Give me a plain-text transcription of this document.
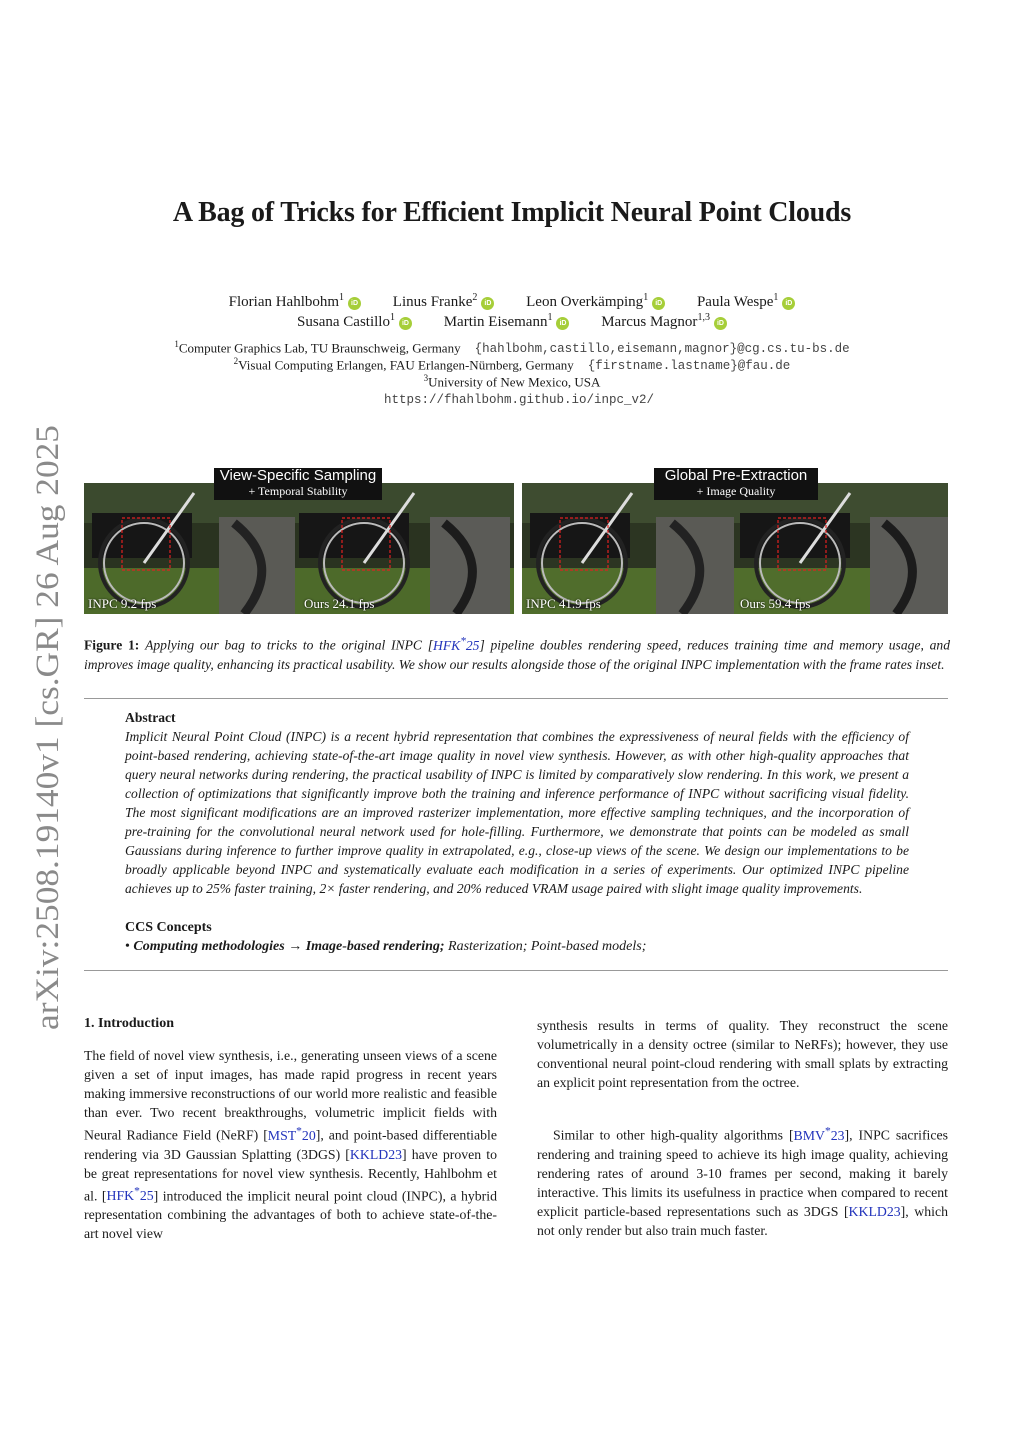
arXiv:2508.19140v1 [cs.GR] 26 Aug 2025
A Bag of Tricks for Efficient Implicit Neural Point Clouds
Florian Hahlbohm$^1$iD Linus Franke$^2$iD Leon Overkämping$^1$iD Paula Wespe$^1$iD
Susana Castillo$^1$iD Martin Eisemann$^1$iD Marcus Magnor$^{1,3}$iD
$^1$Computer Graphics Lab, TU Braunschweig, Germany {hahlbohm,castillo,eisemann,magnor}@cg.cs.tu-bs.de
$^2$Visual Computing Erlangen, FAU Erlangen-Nürnberg, Germany {firstname.lastname}@fau.de
$^3$University of New Mexico, USA
https://fhahlbohm.github.io/inpc_v2/
INPC 9.2 fps	Ours 24.1 fps
View-Specific Sampling
+ Temporal Stability
INPC 41.9 fps	Ours 59.4 fps
Global Pre-Extraction
+ Image Quality
Figure 1: Applying our bag to tricks to the original INPC [HFK*25] pipeline doubles rendering speed, reduces training time and memory usage, and improves image quality, enhancing its practical usability. We show our results alongside those of the original INPC implementation with the frame rates inset.
Abstract
Implicit Neural Point Cloud (INPC) is a recent hybrid representation that combines the expressiveness of neural fields with the efficiency of point-based rendering, achieving state-of-the-art image quality in novel view synthesis. However, as with other high-quality approaches that query neural networks during rendering, the practical usability of INPC is limited by comparatively slow rendering. In this work, we present a collection of optimizations that significantly improve both the training and inference performance of INPC without sacrificing visual fidelity. The most significant modifications are an improved rasterizer implementation, more effective sampling techniques, and the incorporation of pre-training for the convolutional neural network used for hole-filling. Furthermore, we demonstrate that points can be modeled as small Gaussians during inference to further improve quality in extrapolated, e.g., close-up views of the scene. We design our implementations to be broadly applicable beyond INPC and systematically evaluate each modification in a series of experiments. Our optimized INPC pipeline achieves up to 25% faster training, 2× faster rendering, and 20% reduced VRAM usage paired with slight image quality improvements.
CCS Concepts
• Computing methodologies → Image-based rendering; Rasterization; Point-based models;
1. Introduction

The field of novel view synthesis, i.e., generating unseen views of a scene given a set of input images, has made rapid progress in recent years making immersive reconstructions of our world more realistic and feasible than ever. Two recent breakthroughs, volumetric implicit fields with Neural Radiance Field (NeRF) [MST*20], and point-based differentiable rendering via 3D Gaussian Splatting (3DGS) [KKLD23] have proven to be great representations for novel view synthesis. Recently, Hahlbohm et al. [HFK*25] introduced the implicit neural point cloud (INPC), a hybrid representation combining the advantages of both to achieve state-of-the-art novel view

synthesis results in terms of quality. They reconstruct the scene volumetrically in a density octree (similar to NeRFs); however, they use conventional neural point-cloud rendering with small splats by extracting an explicit point representation from the octree.

Similar to other high-quality algorithms [BMV*23], INPC sacrifices rendering and training speed to achieve its high image quality, achieving rendering rates of around 3-10 frames per second, making it barely interactive. This limits its usefulness in practice when compared to recent explicit particle-based representations such as 3DGS [KKLD23], which not only render but also train much faster.
